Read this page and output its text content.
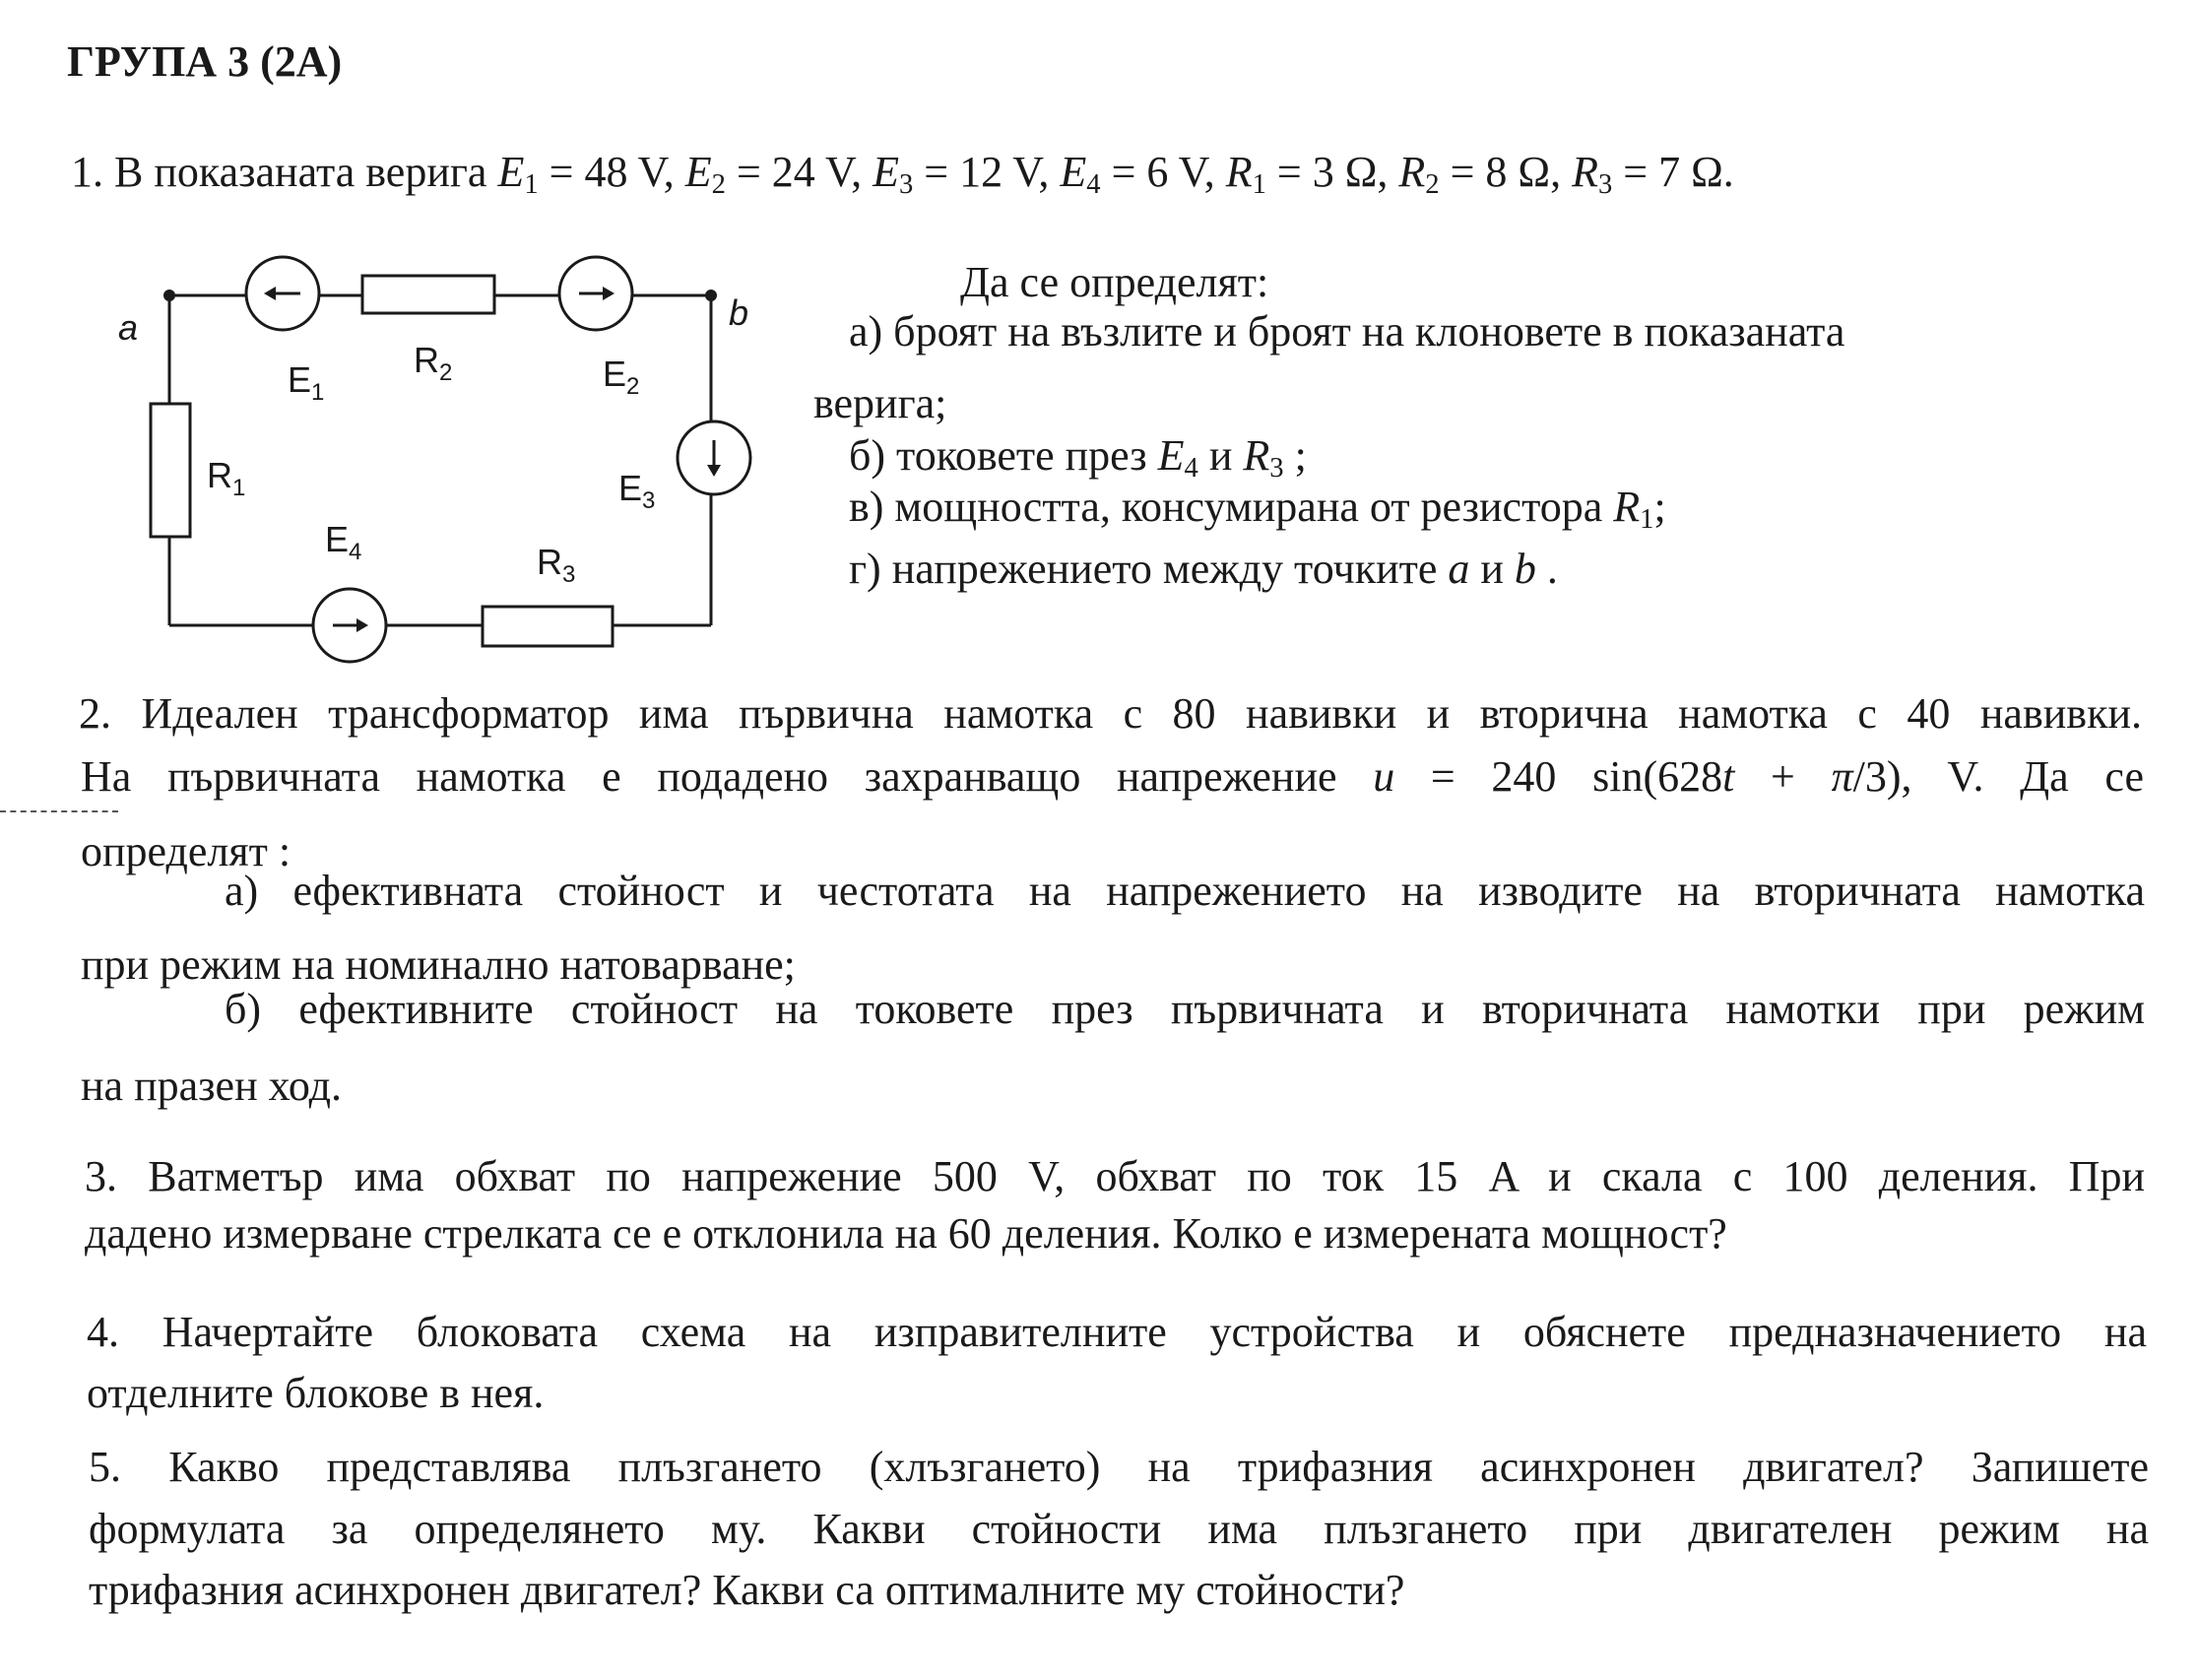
ГРУПА 3 (2А)
1. В показаната верига $E_1 = 48$ V, $E_2 = 24$ V, $E_3 = 12$ V, $E_4 = 6$ V, $R_1 = 3$ Ω, $R_2 = 8$ Ω, $R_3 = 7$ Ω.
a	b
$E_1$
$R_2$	$E_2$
$R_1$	$E_3$
$E_4$	$R_3$
Да се определят:
а) броят на възлите и броят на клоновете в показаната
верига;
б) токовете през $E_4$ и $R_3$ ;
в) мощността, консумирана от резистора $R_1$;
г) напрежението между точките a и b .
2. Идеален трансформатор има първична намотка с 80 навивки и вторична намотка с 40 навивки.
На първичната намотка е подадено захранващо напрежение u = 240 sin(628t + π/3), V. Да се
определят :
а) ефективната стойност и честотата на напрежението на изводите на вторичната намотка
при режим на номинално натоварване;
б) ефективните стойност на токовете през първичната и вторичната намотки при режим
на празен ход.
3. Ватметър има обхват по напрежение 500 V, обхват по ток 15 A и скала с 100 деления. При
дадено измерване стрелката се е отклонила на 60 деления. Колко е измерената мощност?
4. Начертайте блоковата схема на изправителните устройства и обяснете предназначението на
отделните блокове в нея.
5. Какво представлява плъзгането (хлъзгането) на трифазния асинхронен двигател? Запишете
формулата за определянето му. Какви стойности има плъзгането при двигателен режим на
трифазния асинхронен двигател? Какви са оптималните му стойности?
